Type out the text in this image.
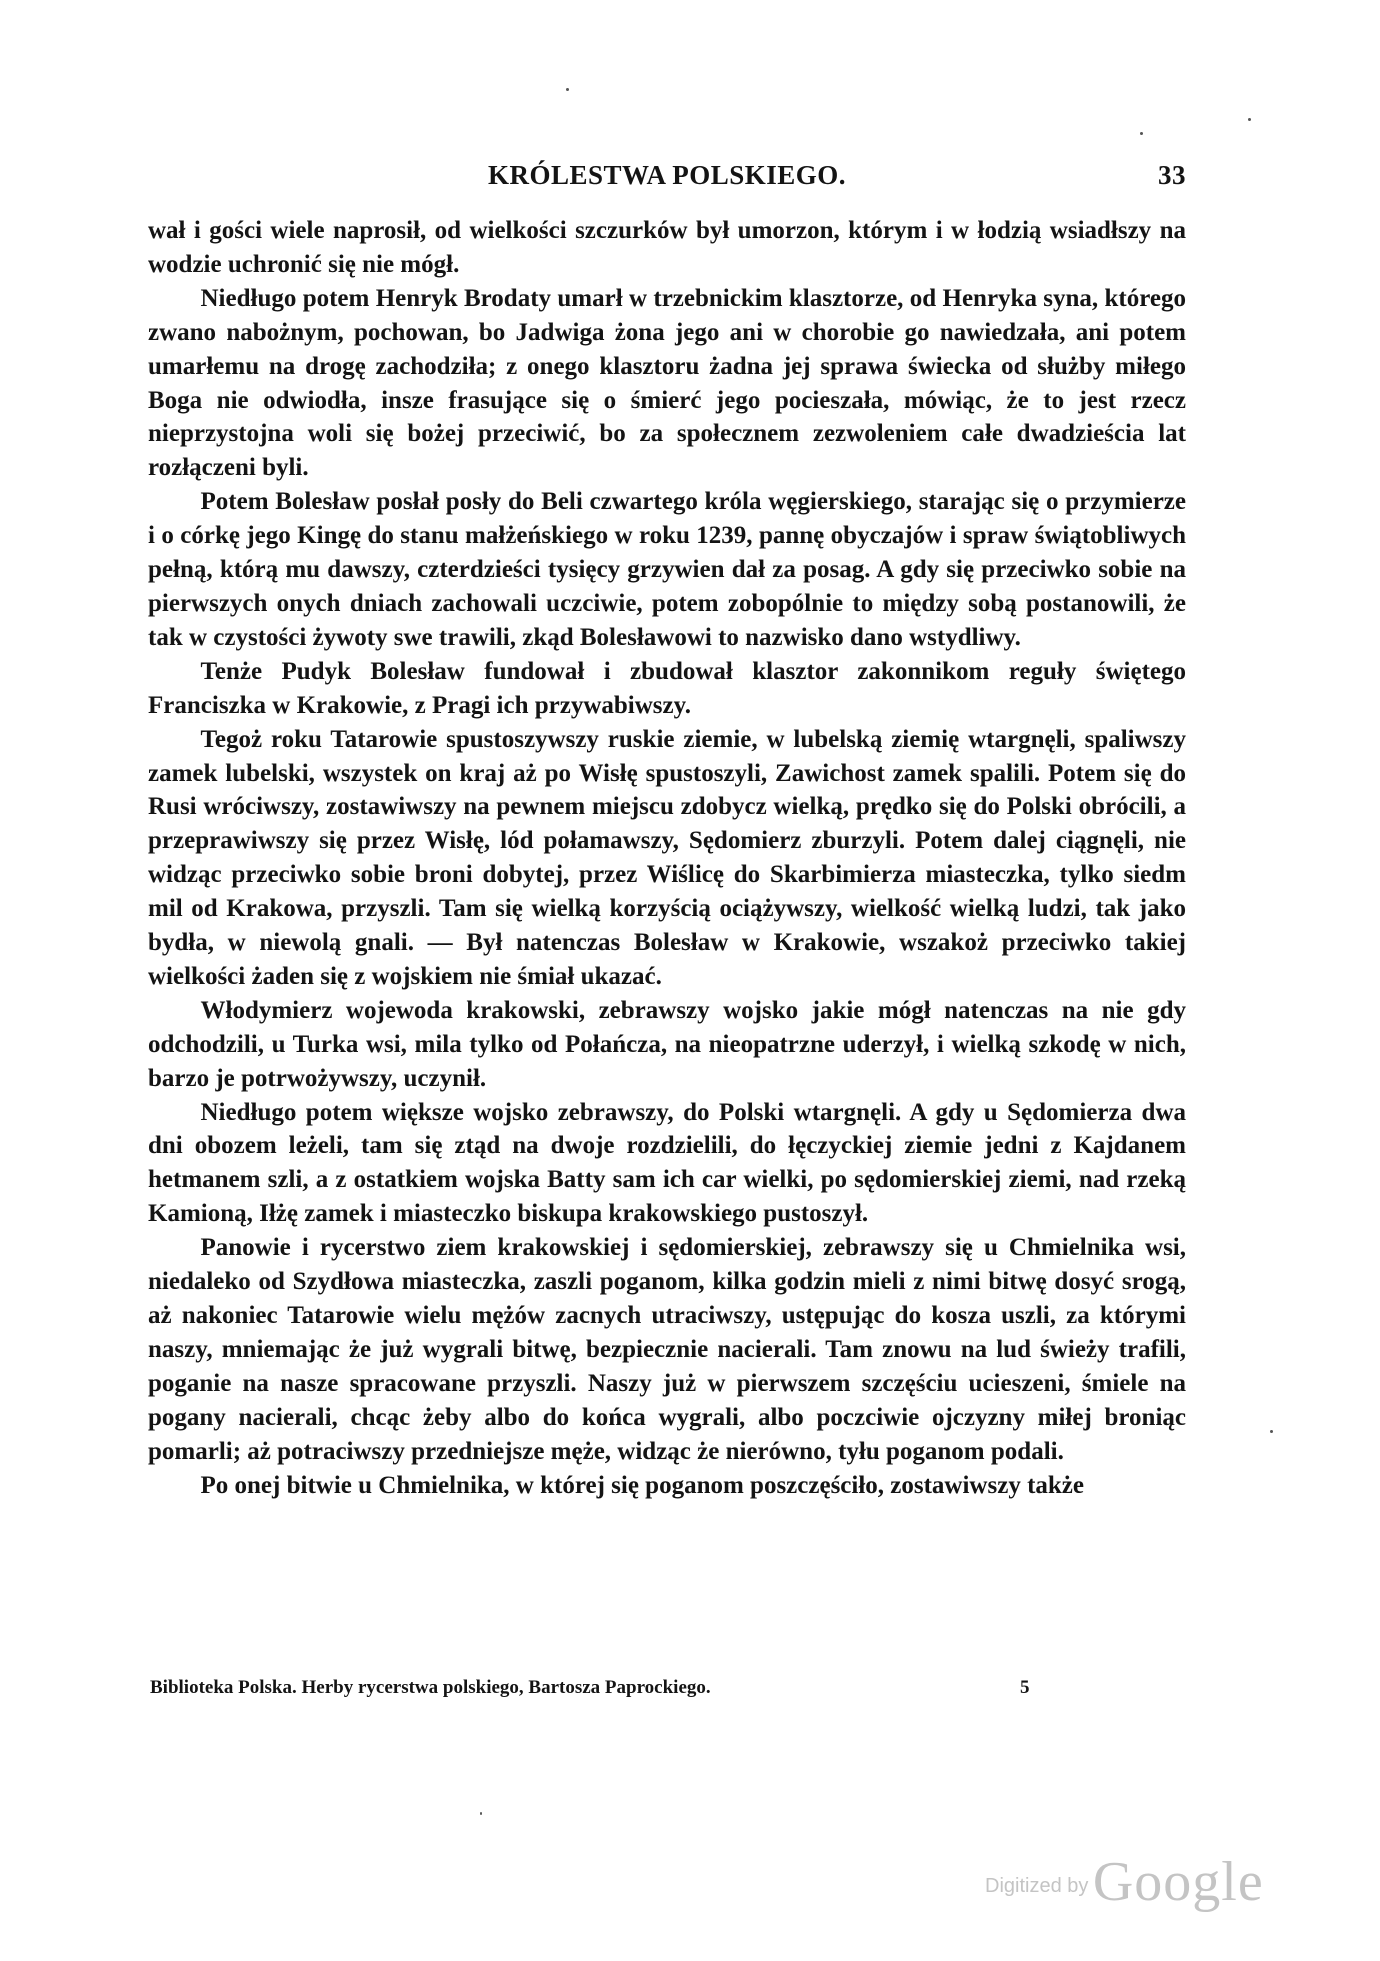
KRÓLESTWA POLSKIEGO.	33

wał i gości wiele naprosił, od wielkości szczurków był umorzon, którym i w łodzią wsiadłszy na wodzie uchronić się nie mógł.

Niedługo potem Henryk Brodaty umarł w trzebnickim klasztorze, od Henryka syna, którego zwano nabożnym, pochowan, bo Jadwiga żona jego ani w chorobie go nawiedzała, ani potem umarłemu na drogę zachodziła; z onego klasztoru żadna jej sprawa świecka od służby miłego Boga nie odwiodła, insze frasujące się o śmierć jego pocieszała, mówiąc, że to jest rzecz nieprzystojna woli się bożej przeciwić, bo za społecznem zezwoleniem całe dwadzieścia lat rozłączeni byli.

Potem Bolesław posłał posły do Beli czwartego króla węgierskiego, starając się o przymierze i o córkę jego Kingę do stanu małżeńskiego w roku 1239, pannę obyczajów i spraw świątobliwych pełną, którą mu dawszy, czterdzieści tysięcy grzywien dał za posag. A gdy się przeciwko sobie na pierwszych onych dniach zachowali uczciwie, potem zobopólnie to między sobą postanowili, że tak w czystości żywoty swe trawili, zkąd Bolesławowi to nazwisko dano wstydliwy.

Tenże Pudyk Bolesław fundował i zbudował klasztor zakonnikom reguły świętego Franciszka w Krakowie, z Pragi ich przywabiwszy.

Tegoż roku Tatarowie spustoszywszy ruskie ziemie, w lubelską ziemię wtargnęli, spaliwszy zamek lubelski, wszystek on kraj aż po Wisłę spustoszyli, Zawichost zamek spalili. Potem się do Rusi wróciwszy, zostawiwszy na pewnem miejscu zdobycz wielką, prędko się do Polski obrócili, a przeprawiwszy się przez Wisłę, lód połamawszy, Sędomierz zburzyli. Potem dalej ciągnęli, nie widząc przeciwko sobie broni dobytej, przez Wiślicę do Skarbimierza miasteczka, tylko siedm mil od Krakowa, przyszli. Tam się wielką korzyścią ociążywszy, wielkość wielką ludzi, tak jako bydła, w niewolą gnali. — Był natenczas Bolesław w Krakowie, wszakoż przeciwko takiej wielkości żaden się z wojskiem nie śmiał ukazać.

Włodymierz wojewoda krakowski, zebrawszy wojsko jakie mógł natenczas na nie gdy odchodzili, u Turka wsi, mila tylko od Połańcza, na nieopatrzne uderzył, i wielką szkodę w nich, barzo je potrwożywszy, uczynił.

Niedługo potem większe wojsko zebrawszy, do Polski wtargnęli. A gdy u Sędomierza dwa dni obozem leżeli, tam się ztąd na dwoje rozdzielili, do łęczyckiej ziemie jedni z Kajdanem hetmanem szli, a z ostatkiem wojska Batty sam ich car wielki, po sędomierskiej ziemi, nad rzeką Kamioną, Iłżę zamek i miasteczko biskupa krakowskiego pustoszył.

Panowie i rycerstwo ziem krakowskiej i sędomierskiej, zebrawszy się u Chmielnika wsi, niedaleko od Szydłowa miasteczka, zaszli poganom, kilka godzin mieli z nimi bitwę dosyć srogą, aż nakoniec Tatarowie wielu mężów zacnych utraciwszy, ustępując do kosza uszli, za którymi naszy, mniemając że już wygrali bitwę, bezpiecznie nacierali. Tam znowu na lud świeży trafili, poganie na nasze spracowane przyszli. Naszy już w pierwszem szczęściu ucieszeni, śmiele na pogany nacierali, chcąc żeby albo do końca wygrali, albo poczciwie ojczyzny miłej broniąc pomarli; aż potraciwszy przedniejsze męże, widząc że nierówno, tyłu poganom podali.

Po onej bitwie u Chmielnika, w której się poganom poszczęściło, zostawiwszy także

Biblioteka Polska. Herby rycerstwa polskiego, Bartosza Paprockiego.	5
Digitized by Google
